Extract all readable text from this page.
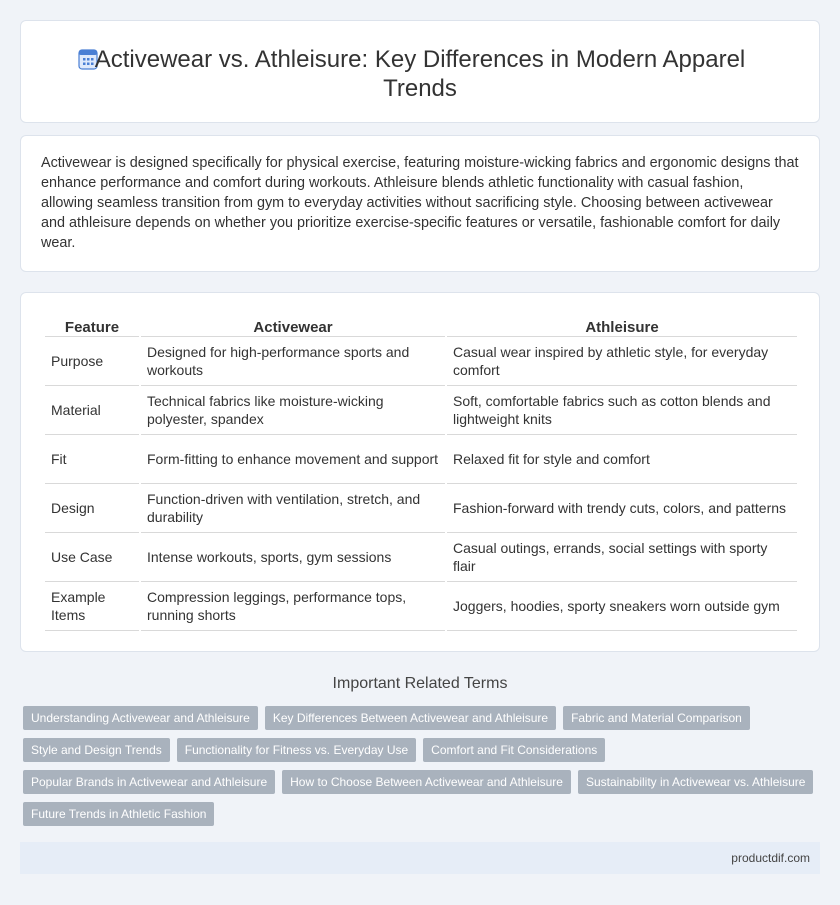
Activewear vs. Athleisure: Key Differences in Modern Apparel Trends

Activewear is designed specifically for physical exercise, featuring moisture-wicking fabrics and ergonomic designs that enhance performance and comfort during workouts. Athleisure blends athletic functionality with casual fashion, allowing seamless transition from gym to everyday activities without sacrificing style. Choosing between activewear and athleisure depends on whether you prioritize exercise-specific features or versatile, fashionable comfort for daily wear.

Feature	Activewear	Athleisure
Purpose	Designed for high-performance sports and workouts	Casual wear inspired by athletic style, for everyday comfort
Material	Technical fabrics like moisture-wicking polyester, spandex	Soft, comfortable fabrics such as cotton blends and lightweight knits
Fit	Form-fitting to enhance movement and support	Relaxed fit for style and comfort
Design	Function-driven with ventilation, stretch, and durability	Fashion-forward with trendy cuts, colors, and patterns
Use Case	Intense workouts, sports, gym sessions	Casual outings, errands, social settings with sporty flair
Example Items	Compression leggings, performance tops, running shorts	Joggers, hoodies, sporty sneakers worn outside gym
Important Related Terms
Understanding Activewear and Athleisure	Key Differences Between Activewear and Athleisure	Fabric and Material Comparison
Style and Design Trends	Functionality for Fitness vs. Everyday Use	Comfort and Fit Considerations
Popular Brands in Activewear and Athleisure	How to Choose Between Activewear and Athleisure	Sustainability in Activewear vs. Athleisure
Future Trends in Athletic Fashion
productdif.com
